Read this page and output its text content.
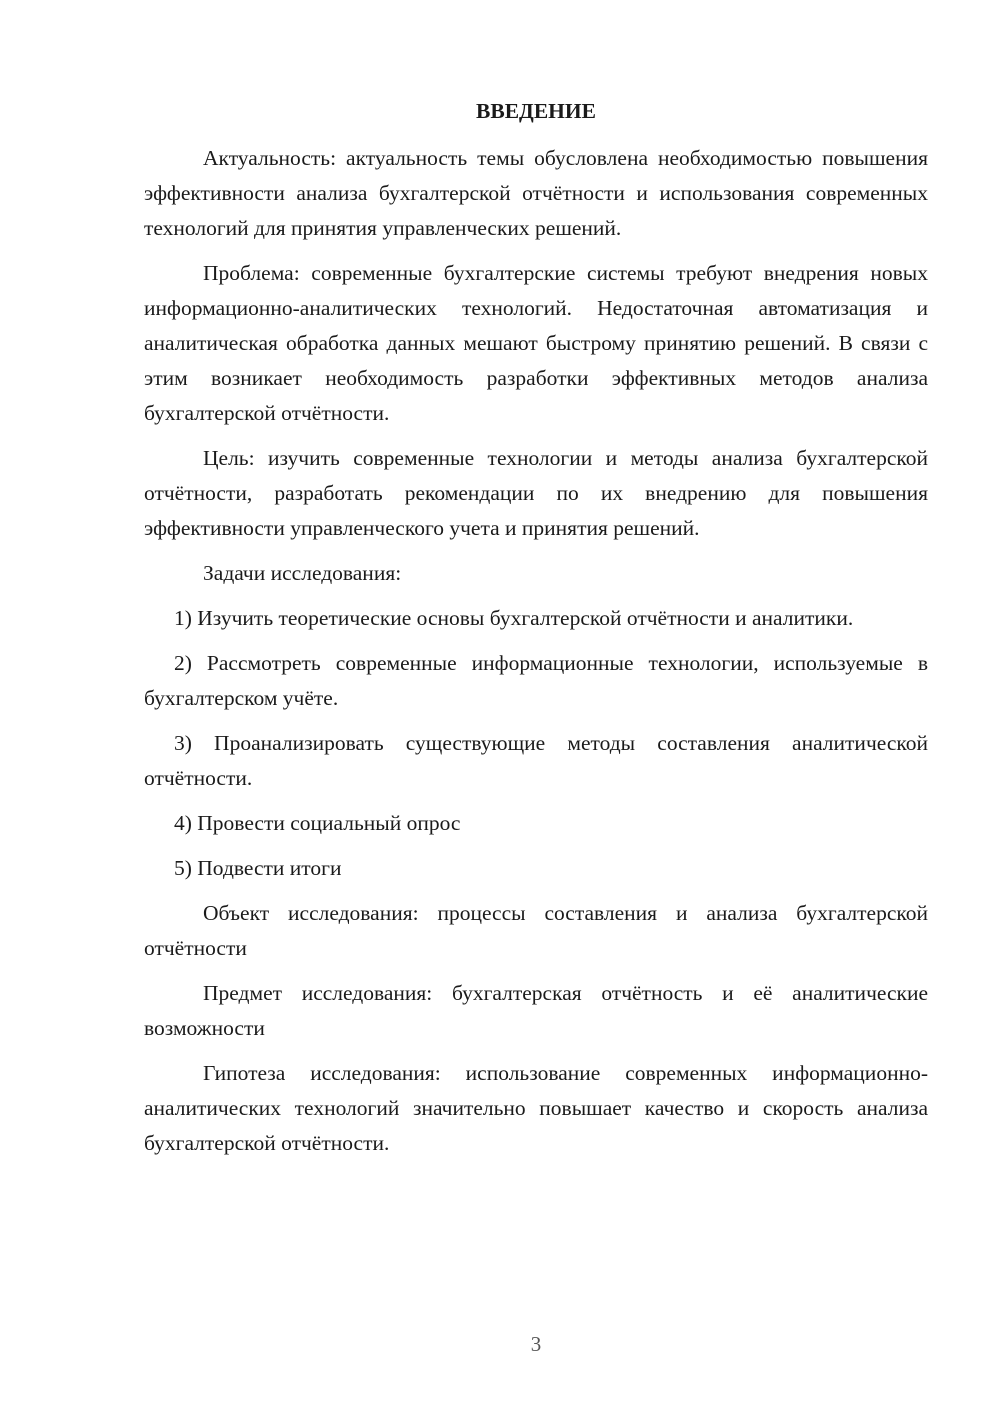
ВВЕДЕНИЕ

Актуальность: актуальность темы обусловлена необходимостью повышения эффективности анализа бухгалтерской отчётности и использования современных технологий для принятия управленческих решений.

Проблема: современные бухгалтерские системы требуют внедрения новых информационно-аналитических технологий. Недостаточная автоматизация и аналитическая обработка данных мешают быстрому принятию решений. В связи с этим возникает необходимость разработки эффективных методов анализа бухгалтерской отчётности.

Цель: изучить современные технологии и методы анализа бухгалтерской отчётности, разработать рекомендации по их внедрению для повышения эффективности управленческого учета и принятия решений.

Задачи исследования:

1) Изучить теоретические основы бухгалтерской отчётности и аналитики.

2) Рассмотреть современные информационные технологии, используемые в бухгалтерском учёте.

3) Проанализировать существующие методы составления аналитической отчётности.

4) Провести социальный опрос

5) Подвести итоги

Объект исследования: процессы составления и анализа бухгалтерской отчётности

Предмет исследования: бухгалтерская отчётность и её аналитические возможности

Гипотеза исследования: использование современных информационно-аналитических технологий значительно повышает качество и скорость анализа бухгалтерской отчётности.

3
